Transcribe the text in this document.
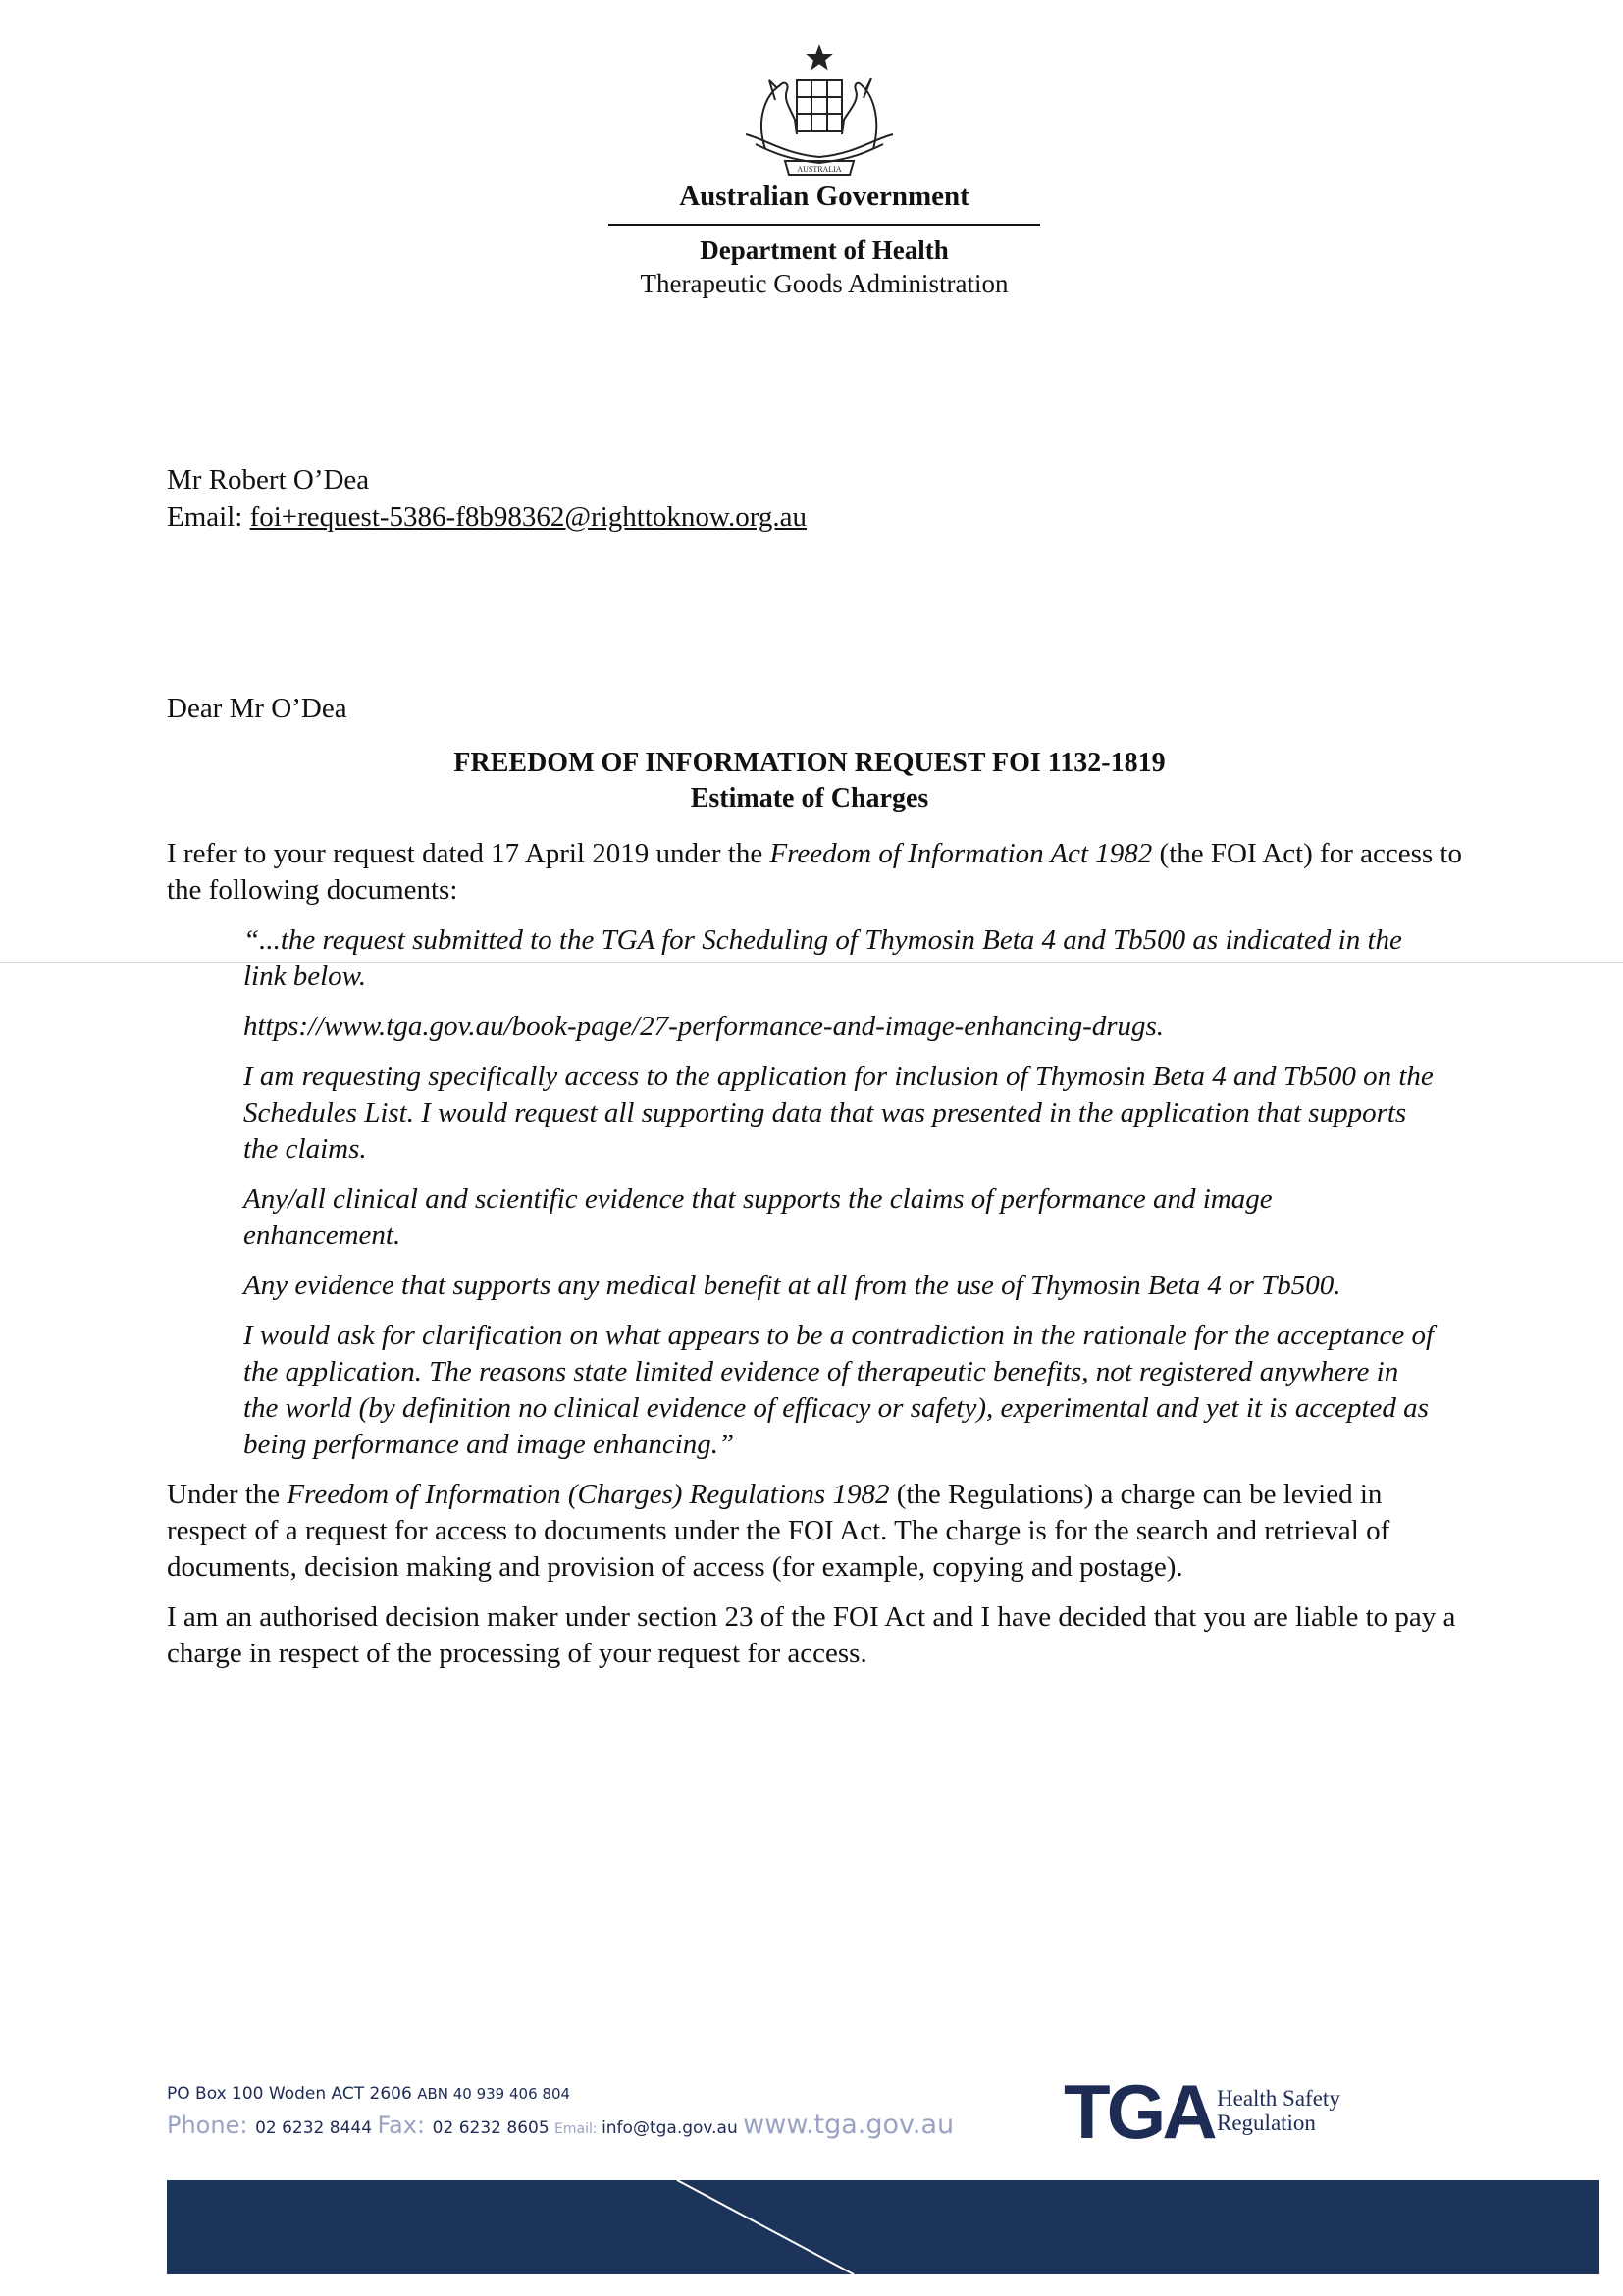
AUSTRALIA
Australian Government
Department of Health
Therapeutic Goods Administration
Mr Robert O’Dea
Email: foi+request-5386-f8b98362@righttoknow.org.au
Dear Mr O’Dea
FREEDOM OF INFORMATION REQUEST FOI 1132-1819
Estimate of Charges

I refer to your request dated 17 April 2019 under the Freedom of Information Act 1982 (the FOI Act) for access to the following documents:

“...the request submitted to the TGA for Scheduling of Thymosin Beta 4 and Tb500 as indicated in the link below.

https://www.tga.gov.au/book-page/27-performance-and-image-enhancing-drugs.

I am requesting specifically access to the application for inclusion of Thymosin Beta 4 and Tb500 on the Schedules List. I would request all supporting data that was presented in the application that supports the claims.

Any/all clinical and scientific evidence that supports the claims of performance and image enhancement.

Any evidence that supports any medical benefit at all from the use of Thymosin Beta 4 or Tb500.

I would ask for clarification on what appears to be a contradiction in the rationale for the acceptance of the application. The reasons state limited evidence of therapeutic benefits, not registered anywhere in the world (by definition no clinical evidence of efficacy or safety), experimental and yet it is accepted as being performance and image enhancing.”

Under the Freedom of Information (Charges) Regulations 1982 (the Regulations) a charge can be levied in respect of a request for access to documents under the FOI Act. The charge is for the search and retrieval of documents, decision making and provision of access (for example, copying and postage).

I am an authorised decision maker under section 23 of the FOI Act and I have decided that you are liable to pay a charge in respect of the processing of your request for access.

PO Box 100 Woden ACT 2606 ABN 40 939 406 804
Phone: 02 6232 8444 Fax: 02 6232 8605 Email: info@tga.gov.au www.tga.gov.au TGA Health Safety
Regulation
